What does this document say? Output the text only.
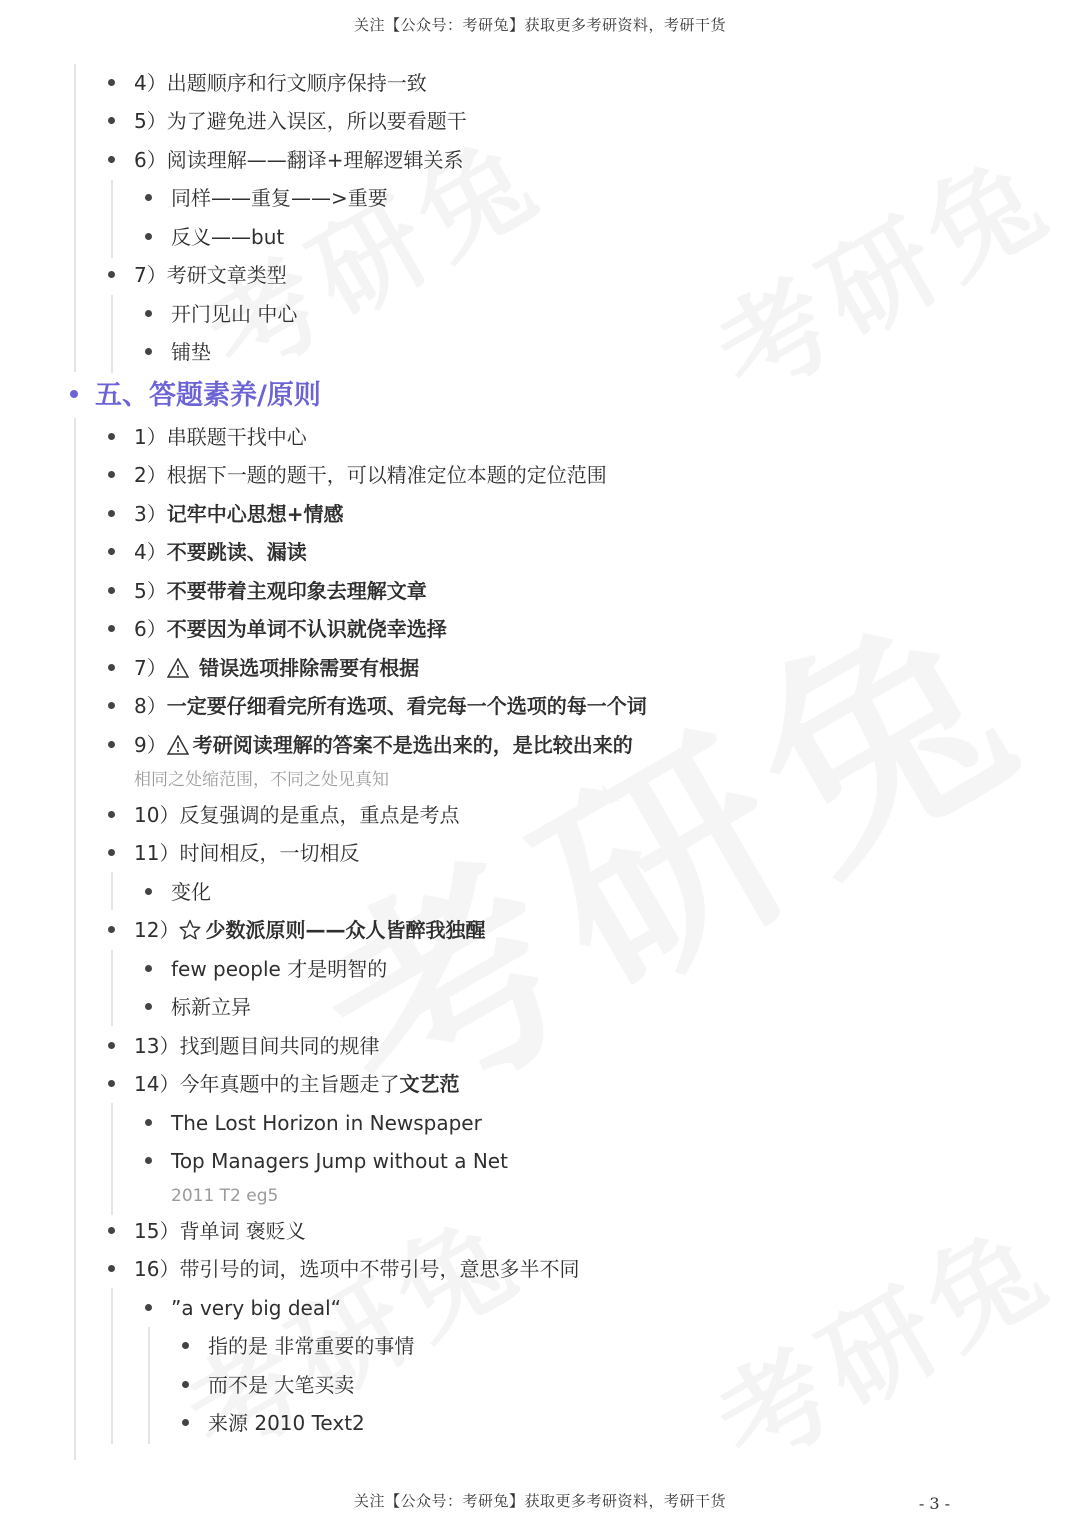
关注【公众号：考研兔】获取更多考研资料，考研干货
4）出题顺序和行文顺序保持一致
5）为了避免进入误区，所以要看题干
6）阅读理解——翻译+理解逻辑关系
同样——重复——>重要
反义——but
7）考研文章类型
开门见山 中心
铺垫
五、答题素养/原则
1）串联题干找中心
2）根据下一题的题干，可以精准定位本题的定位范围
3）记牢中心思想+情感
4）不要跳读、漏读
5）不要带着主观印象去理解文章
6）不要因为单词不认识就侥幸选择
7） 错误选项排除需要有根据
8）一定要仔细看完所有选项、看完每一个选项的每一个词
9） 考研阅读理解的答案不是选出来的，是比较出来的
相同之处缩范围，不同之处见真知
10）反复强调的是重点，重点是考点
11）时间相反，一切相反
变化
12） 少数派原则——众人皆醉我独醒
few people 才是明智的
标新立异
13）找到题目间共同的规律
14）今年真题中的主旨题走了文艺范
The Lost Horizon in Newspaper
Top Managers Jump without a Net
2011 T2 eg5
15）背单词 褒贬义
16）带引号的词，选项中不带引号，意思多半不同
”a very big deal“
指的是 非常重要的事情
而不是 大笔买卖
来源 2010 Text2
关注【公众号：考研兔】获取更多考研资料，考研干货	- 3 -
